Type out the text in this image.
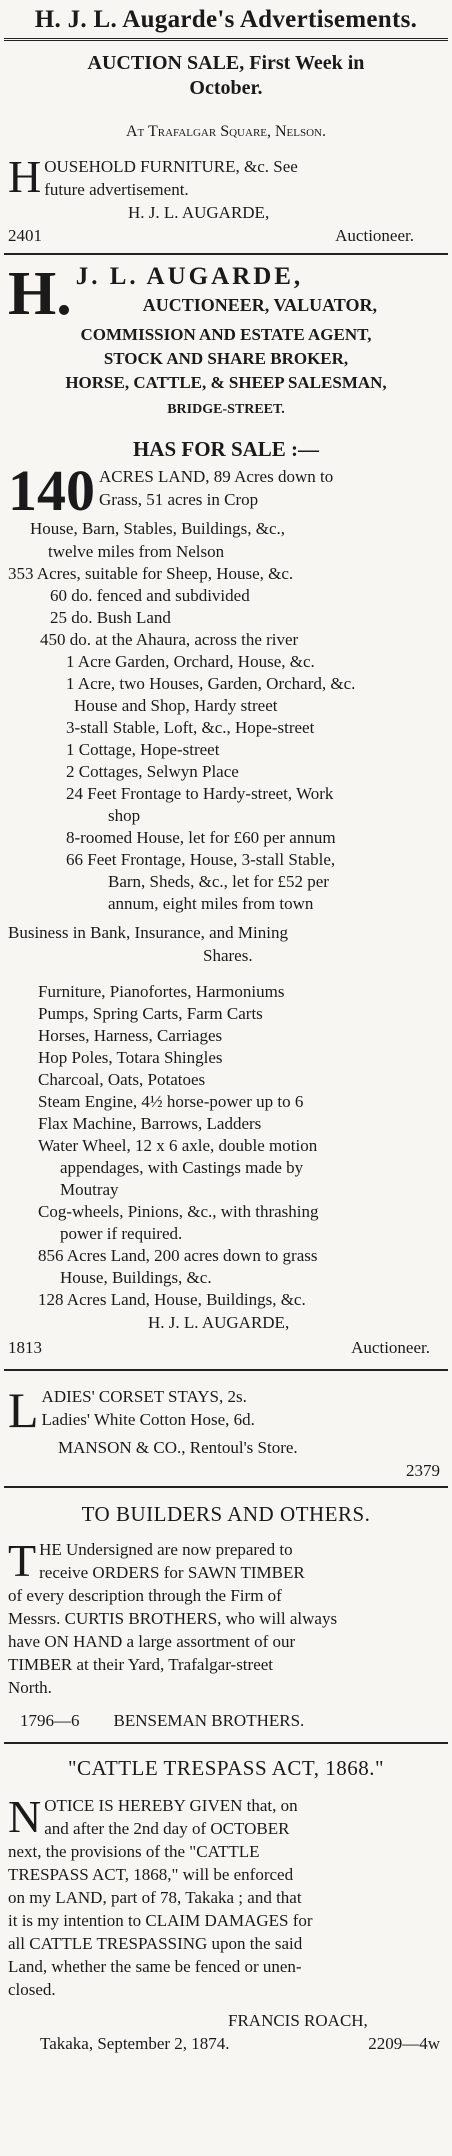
H. J. L. Augarde's Advertisements.
AUCTION SALE, First Week in
October.
At Trafalgar Square, Nelson.
H OUSEHOLD FURNITURE, &c. See
future advertisement.
H. J. L. AUGARDE,
2401	Auctioneer.
H. J. L. AUGARDE,
AUCTIONEER, VALUATOR,
COMMISSION AND ESTATE AGENT,
STOCK AND SHARE BROKER,
HORSE, CATTLE, & SHEEP SALESMAN,
BRIDGE-STREET.
HAS FOR SALE :—
140 ACRES LAND, 89 Acres down to
Grass, 51 acres in Crop
House, Barn, Stables, Buildings, &c.,
twelve miles from Nelson
353 Acres, suitable for Sheep, House, &c.
60 do. fenced and subdivided
25 do. Bush Land
450 do. at the Ahaura, across the river
1 Acre Garden, Orchard, House, &c.
1 Acre, two Houses, Garden, Orchard, &c.
House and Shop, Hardy street
3-stall Stable, Loft, &c., Hope-street
1 Cottage, Hope-street
2 Cottages, Selwyn Place
24 Feet Frontage to Hardy-street, Work
shop
8-roomed House, let for £60 per annum
66 Feet Frontage, House, 3-stall Stable,
Barn, Sheds, &c., let for £52 per
annum, eight miles from town
Business in Bank, Insurance, and Mining
Shares.
Furniture, Pianofortes, Harmoniums
Pumps, Spring Carts, Farm Carts
Horses, Harness, Carriages
Hop Poles, Totara Shingles
Charcoal, Oats, Potatoes
Steam Engine, 4½ horse-power up to 6
Flax Machine, Barrows, Ladders
Water Wheel, 12 x 6 axle, double motion
appendages, with Castings made by
Moutray
Cog-wheels, Pinions, &c., with thrashing
power if required.
856 Acres Land, 200 acres down to grass
House, Buildings, &c.
128 Acres Land, House, Buildings, &c.
H. J. L. AUGARDE,
1813	Auctioneer.
L ADIES' CORSET STAYS, 2s.
Ladies' White Cotton Hose, 6d.
MANSON & CO., Rentoul's Store.
2379
TO BUILDERS AND OTHERS.
T HE Undersigned are now prepared to
receive ORDERS for SAWN TIMBER
of every description through the Firm of
Messrs. CURTIS BROTHERS, who will always
have ON HAND a large assortment of our
TIMBER at their Yard, Trafalgar-street
North.
1796—6	BENSEMAN BROTHERS.
"CATTLE TRESPASS ACT, 1868."
N OTICE IS HEREBY GIVEN that, on
and after the 2nd day of OCTOBER
next, the provisions of the "CATTLE
TRESPASS ACT, 1868," will be enforced
on my LAND, part of 78, Takaka ; and that
it is my intention to CLAIM DAMAGES for
all CATTLE TRESPASSING upon the said
Land, whether the same be fenced or unen-
closed.
FRANCIS ROACH,
Takaka, September 2, 1874.	2209—4w
